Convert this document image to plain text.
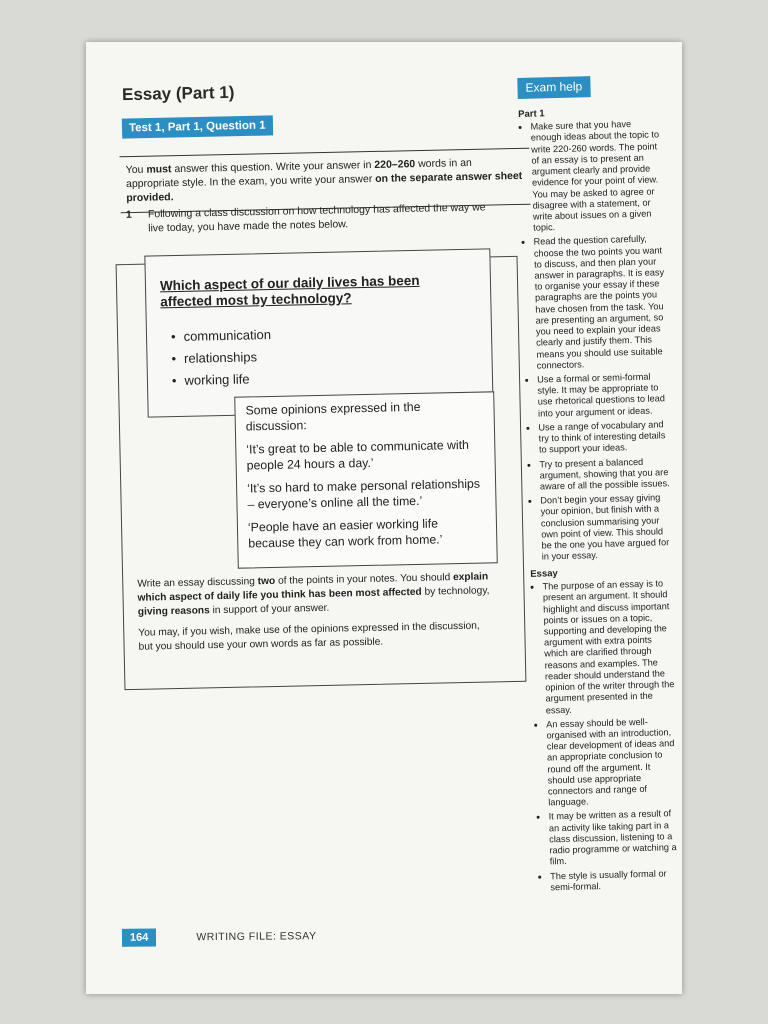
Essay (Part 1)
Test 1, Part 1, Question 1
You must answer this question. Write your answer in 220–260 words in an appropriate style. In the exam, you write your answer on the separate answer sheet provided.
1 Following a class discussion on how technology has affected the way we live today, you have made the notes below.
Which aspect of our daily lives has been affected most by technology?
• communication
• relationships
• working life

Some opinions expressed in the discussion:

‘It’s great to be able to communicate with people 24 hours a day.’

‘It’s so hard to make personal relationships – everyone’s online all the time.’

‘People have an easier working life because they can work from home.’

Write an essay discussing two of the points in your notes. You should explain which aspect of daily life you think has been most affected by technology, giving reasons in support of your answer.

You may, if you wish, make use of the opinions expressed in the discussion, but you should use your own words as far as possible.

Exam help
Part 1
• Make sure that you have enough ideas about the topic to write 220-260 words. The point of an essay is to present an argument clearly and provide evidence for your point of view. You may be asked to agree or disagree with a statement, or write about issues on a given topic.
• Read the question carefully, choose the two points you want to discuss, and then plan your answer in paragraphs. It is easy to organise your essay if these paragraphs are the points you have chosen from the task. You are presenting an argument, so you need to explain your ideas clearly and justify them. This means you should use suitable connectors.
• Use a formal or semi-formal style. It may be appropriate to use rhetorical questions to lead into your argument or ideas.
• Use a range of vocabulary and try to think of interesting details to support your ideas.
• Try to present a balanced argument, showing that you are aware of all the possible issues.
• Don’t begin your essay giving your opinion, but finish with a conclusion summarising your own point of view. This should be the one you have argued for in your essay.
Essay
• The purpose of an essay is to present an argument. It should highlight and discuss important points or issues on a topic, supporting and developing the argument with extra points which are clarified through reasons and examples. The reader should understand the opinion of the writer through the argument presented in the essay.
• An essay should be well-organised with an introduction, clear development of ideas and an appropriate conclusion to round off the argument. It should use appropriate connectors and range of language.
• It may be written as a result of an activity like taking part in a class discussion, listening to a radio programme or watching a film.
• The style is usually formal or semi-formal.
164	WRITING FILE: ESSAY
